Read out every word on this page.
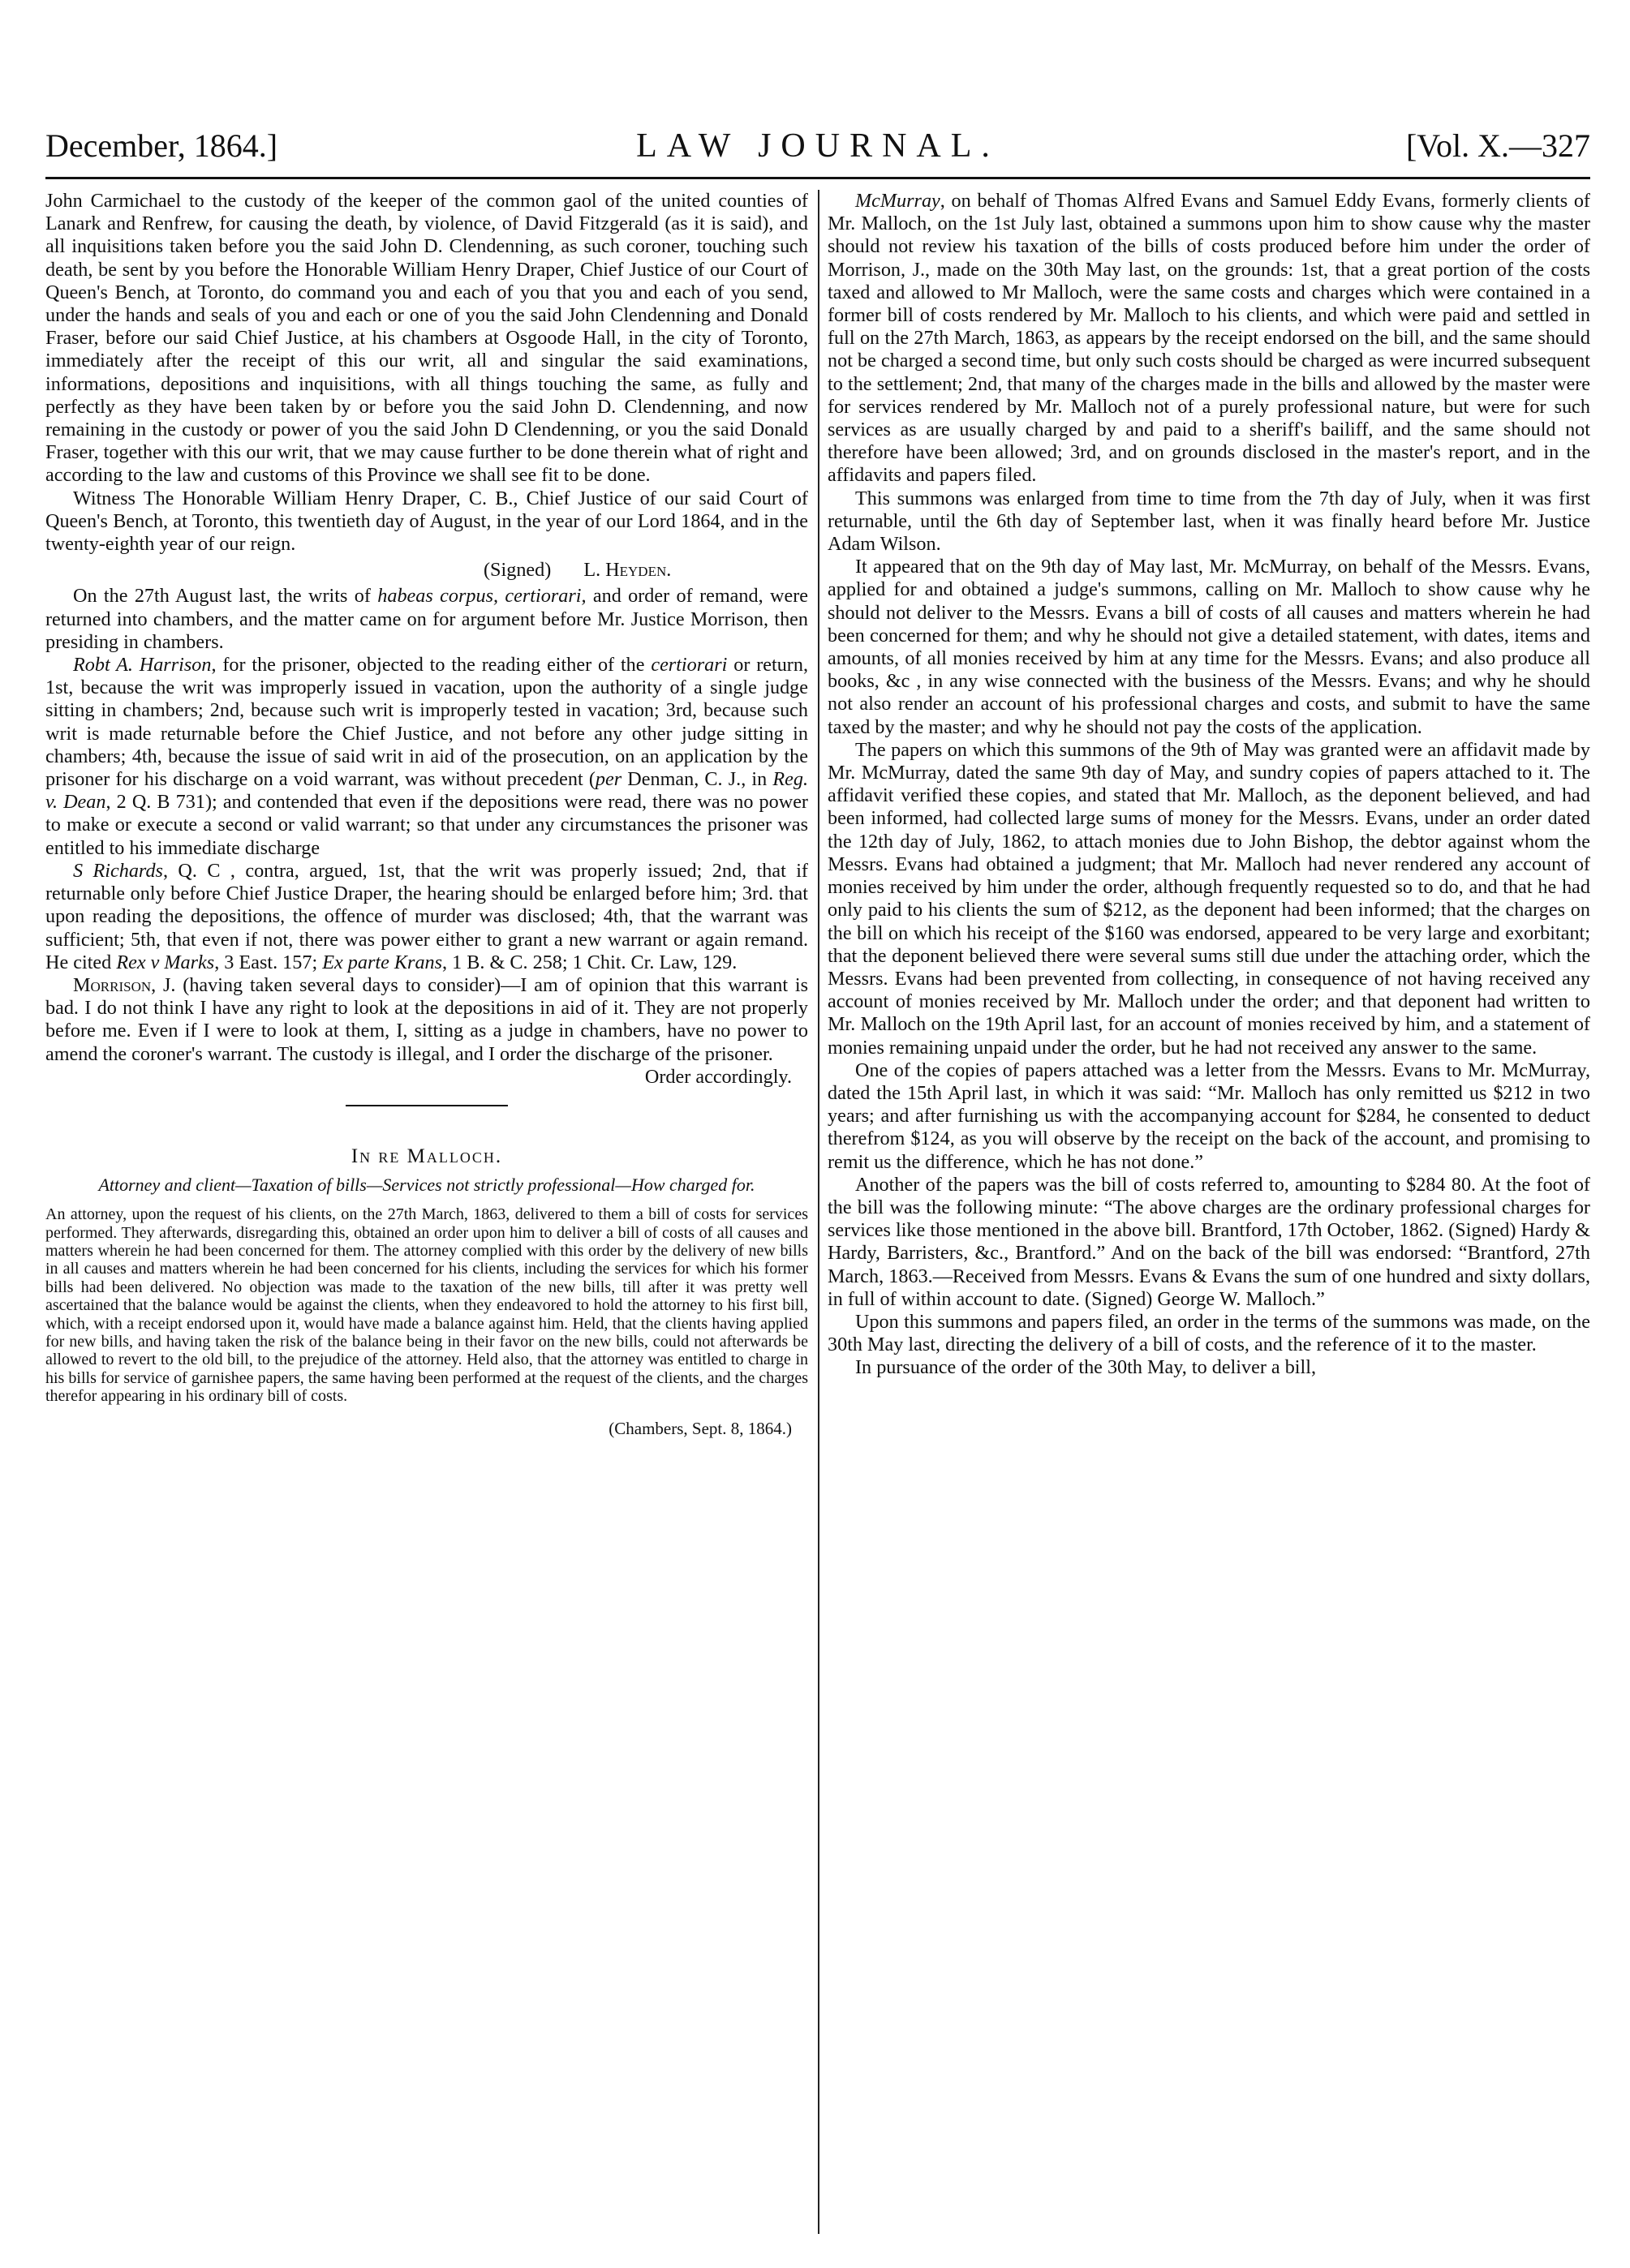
December, 1864.]	LAW JOURNAL.	[Vol. X.—327

John Carmichael to the custody of the keeper of the common gaol of the united counties of Lanark and Renfrew, for causing the death, by violence, of David Fitzgerald (as it is said), and all inquisitions taken before you the said John D. Clendenning, as such coroner, touching such death, be sent by you before the Honorable William Henry Draper, Chief Justice of our Court of Queen's Bench, at Toronto, do command you and each of you that you and each of you send, under the hands and seals of you and each or one of you the said John Clendenning and Donald Fraser, before our said Chief Justice, at his chambers at Osgoode Hall, in the city of Toronto, immediately after the receipt of this our writ, all and singular the said examinations, informations, depositions and inquisitions, with all things touching the same, as fully and perfectly as they have been taken by or before you the said John D. Clendenning, and now remaining in the custody or power of you the said John D Clendenning, or you the said Donald Fraser, together with this our writ, that we may cause further to be done therein what of right and according to the law and customs of this Province we shall see fit to be done.

Witness The Honorable William Henry Draper, C. B., Chief Justice of our said Court of Queen's Bench, at Toronto, this twentieth day of August, in the year of our Lord 1864, and in the twenty-eighth year of our reign.

(Signed) L. Heyden.

On the 27th August last, the writs of habeas corpus, certiorari, and order of remand, were returned into chambers, and the matter came on for argument before Mr. Justice Morrison, then presiding in chambers.

Robt A. Harrison, for the prisoner, objected to the reading either of the certiorari or return, 1st, because the writ was improperly issued in vacation, upon the authority of a single judge sitting in chambers; 2nd, because such writ is improperly tested in vacation; 3rd, because such writ is made returnable before the Chief Justice, and not before any other judge sitting in chambers; 4th, because the issue of said writ in aid of the prosecution, on an application by the prisoner for his discharge on a void warrant, was without precedent (per Denman, C. J., in Reg. v. Dean, 2 Q. B 731); and contended that even if the depositions were read, there was no power to make or execute a second or valid warrant; so that under any circumstances the prisoner was entitled to his immediate discharge

S Richards, Q. C , contra, argued, 1st, that the writ was properly issued; 2nd, that if returnable only before Chief Justice Draper, the hearing should be enlarged before him; 3rd. that upon reading the depositions, the offence of murder was disclosed; 4th, that the warrant was sufficient; 5th, that even if not, there was power either to grant a new warrant or again remand. He cited Rex v Marks, 3 East. 157; Ex parte Krans, 1 B. & C. 258; 1 Chit. Cr. Law, 129.

Morrison, J. (having taken several days to consider)—I am of opinion that this warrant is bad. I do not think I have any right to look at the depositions in aid of it. They are not properly before me. Even if I were to look at them, I, sitting as a judge in chambers, have no power to amend the coroner's warrant. The custody is illegal, and I order the discharge of the prisoner.

Order accordingly.

In re Malloch.
Attorney and client—Taxation of bills—Services not strictly professional—How charged for.

An attorney, upon the request of his clients, on the 27th March, 1863, delivered to them a bill of costs for services performed. They afterwards, disregarding this, obtained an order upon him to deliver a bill of costs of all causes and matters wherein he had been concerned for them. The attorney complied with this order by the delivery of new bills in all causes and matters wherein he had been concerned for his clients, including the services for which his former bills had been delivered. No objection was made to the taxation of the new bills, till after it was pretty well ascertained that the balance would be against the clients, when they endeavored to hold the attorney to his first bill, which, with a receipt endorsed upon it, would have made a balance against him. Held, that the clients having applied for new bills, and having taken the risk of the balance being in their favor on the new bills, could not afterwards be allowed to revert to the old bill, to the prejudice of the attorney. Held also, that the attorney was entitled to charge in his bills for service of garnishee papers, the same having been performed at the request of the clients, and the charges therefor appearing in his ordinary bill of costs.

(Chambers, Sept. 8, 1864.)

McMurray, on behalf of Thomas Alfred Evans and Samuel Eddy Evans, formerly clients of Mr. Malloch, on the 1st July last, obtained a summons upon him to show cause why the master should not review his taxation of the bills of costs produced before him under the order of Morrison, J., made on the 30th May last, on the grounds: 1st, that a great portion of the costs taxed and allowed to Mr Malloch, were the same costs and charges which were contained in a former bill of costs rendered by Mr. Malloch to his clients, and which were paid and settled in full on the 27th March, 1863, as appears by the receipt endorsed on the bill, and the same should not be charged a second time, but only such costs should be charged as were incurred subsequent to the settlement; 2nd, that many of the charges made in the bills and allowed by the master were for services rendered by Mr. Malloch not of a purely professional nature, but were for such services as are usually charged by and paid to a sheriff's bailiff, and the same should not therefore have been allowed; 3rd, and on grounds disclosed in the master's report, and in the affidavits and papers filed.

This summons was enlarged from time to time from the 7th day of July, when it was first returnable, until the 6th day of September last, when it was finally heard before Mr. Justice Adam Wilson.

It appeared that on the 9th day of May last, Mr. McMurray, on behalf of the Messrs. Evans, applied for and obtained a judge's summons, calling on Mr. Malloch to show cause why he should not deliver to the Messrs. Evans a bill of costs of all causes and matters wherein he had been concerned for them; and why he should not give a detailed statement, with dates, items and amounts, of all monies received by him at any time for the Messrs. Evans; and also produce all books, &c , in any wise connected with the business of the Messrs. Evans; and why he should not also render an account of his professional charges and costs, and submit to have the same taxed by the master; and why he should not pay the costs of the application.

The papers on which this summons of the 9th of May was granted were an affidavit made by Mr. McMurray, dated the same 9th day of May, and sundry copies of papers attached to it. The affidavit verified these copies, and stated that Mr. Malloch, as the deponent believed, and had been informed, had collected large sums of money for the Messrs. Evans, under an order dated the 12th day of July, 1862, to attach monies due to John Bishop, the debtor against whom the Messrs. Evans had obtained a judgment; that Mr. Malloch had never rendered any account of monies received by him under the order, although frequently requested so to do, and that he had only paid to his clients the sum of $212, as the deponent had been informed; that the charges on the bill on which his receipt of the $160 was endorsed, appeared to be very large and exorbitant; that the deponent believed there were several sums still due under the attaching order, which the Messrs. Evans had been prevented from collecting, in consequence of not having received any account of monies received by Mr. Malloch under the order; and that deponent had written to Mr. Malloch on the 19th April last, for an account of monies received by him, and a statement of monies remaining unpaid under the order, but he had not received any answer to the same.

One of the copies of papers attached was a letter from the Messrs. Evans to Mr. McMurray, dated the 15th April last, in which it was said: “Mr. Malloch has only remitted us $212 in two years; and after furnishing us with the accompanying account for $284, he consented to deduct therefrom $124, as you will observe by the receipt on the back of the account, and promising to remit us the difference, which he has not done.”

Another of the papers was the bill of costs referred to, amounting to $284 80. At the foot of the bill was the following minute: “The above charges are the ordinary professional charges for services like those mentioned in the above bill. Brantford, 17th October, 1862. (Signed) Hardy & Hardy, Barristers, &c., Brantford.” And on the back of the bill was endorsed: “Brantford, 27th March, 1863.—Received from Messrs. Evans & Evans the sum of one hundred and sixty dollars, in full of within account to date. (Signed) George W. Malloch.”

Upon this summons and papers filed, an order in the terms of the summons was made, on the 30th May last, directing the delivery of a bill of costs, and the reference of it to the master.

In pursuance of the order of the 30th May, to deliver a bill,
